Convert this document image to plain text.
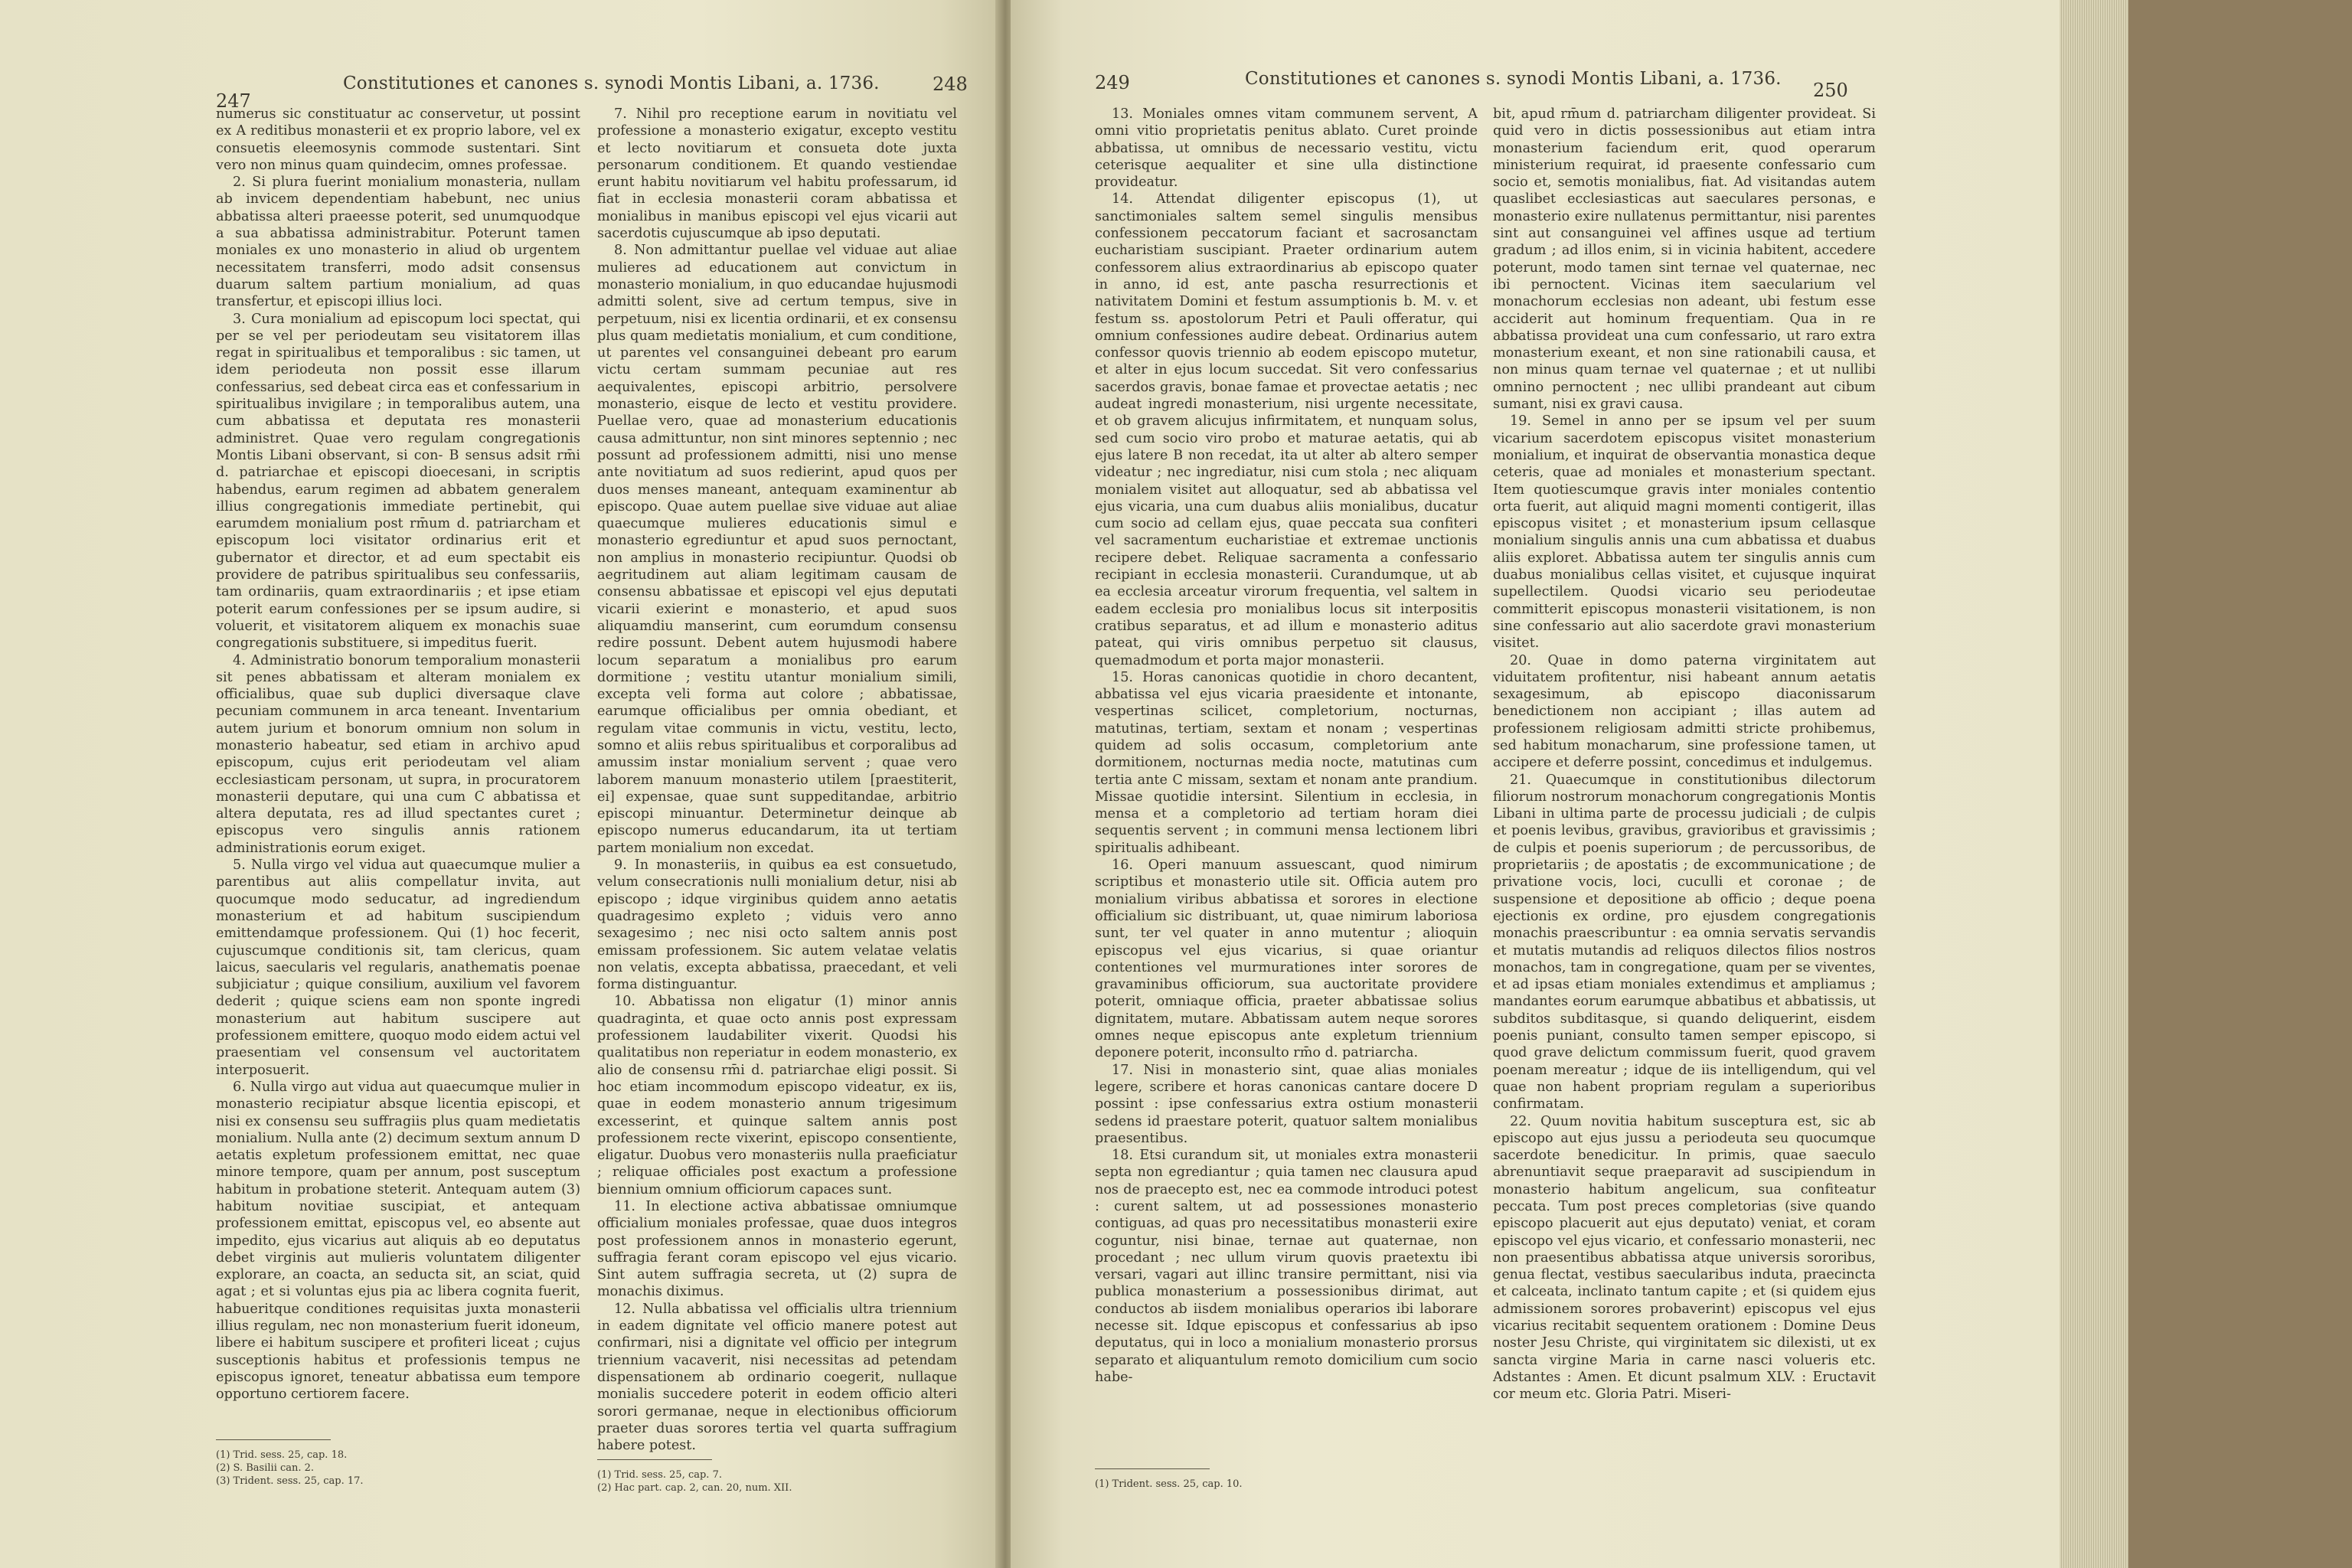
247
Constitutiones et canones s. synodi Montis Libani, a. 1736.	248

numerus sic constituatur ac conservetur, ut possint ex A reditibus monasterii et ex proprio labore, vel ex consuetis eleemosynis commode sustentari. Sint vero non minus quam quindecim, omnes professae.

2. Si plura fuerint monialium monasteria, nullam ab invicem dependentiam habebunt, nec unius abbatissa alteri praeesse poterit, sed unumquodque a sua abbatissa administrabitur. Poterunt tamen moniales ex uno monasterio in aliud ob urgentem necessitatem transferri, modo adsit consensus duarum saltem partium monialium, ad quas transfertur, et episcopi illius loci.

3. Cura monialium ad episcopum loci spectat, qui per se vel per periodeutam seu visitatorem illas regat in spiritualibus et temporalibus : sic tamen, ut idem periodeuta non possit esse illarum confessarius, sed debeat circa eas et confessarium in spiritualibus invigilare ; in temporalibus autem, una cum abbatissa et deputata res monasterii administret. Quae vero regulam congregationis Montis Libani observant, si con- B sensus adsit rm̄i d. patriarchae et episcopi dioecesani, in scriptis habendus, earum regimen ad abbatem generalem illius congregationis immediate pertinebit, qui earumdem monialium post rm̄um d. patriarcham et episcopum loci visitator ordinarius erit et gubernator et director, et ad eum spectabit eis providere de patribus spiritualibus seu confessariis, tam ordinariis, quam extraordinariis ; et ipse etiam poterit earum confessiones per se ipsum audire, si voluerit, et visitatorem aliquem ex monachis suae congregationis substituere, si impeditus fuerit.

4. Administratio bonorum temporalium monasterii sit penes abbatissam et alteram monialem ex officialibus, quae sub duplici diversaque clave pecuniam communem in arca teneant. Inventarium autem jurium et bonorum omnium non solum in monasterio habeatur, sed etiam in archivo apud episcopum, cujus erit periodeutam vel aliam ecclesiasticam personam, ut supra, in procuratorem monasterii deputare, qui una cum C abbatissa et altera deputata, res ad illud spectantes curet ; episcopus vero singulis annis rationem administrationis eorum exiget.

5. Nulla virgo vel vidua aut quaecumque mulier a parentibus aut aliis compellatur invita, aut quocumque modo seducatur, ad ingrediendum monasterium et ad habitum suscipiendum emittendamque professionem. Qui (1) hoc fecerit, cujuscumque conditionis sit, tam clericus, quam laicus, saecularis vel regularis, anathematis poenae subjiciatur ; quique consilium, auxilium vel favorem dederit ; quique sciens eam non sponte ingredi monasterium aut habitum suscipere aut professionem emittere, quoquo modo eidem actui vel praesentiam vel consensum vel auctoritatem interposuerit.

6. Nulla virgo aut vidua aut quaecumque mulier in monasterio recipiatur absque licentia episcopi, et nisi ex consensu seu suffragiis plus quam medietatis monialium. Nulla ante (2) decimum sextum annum D aetatis expletum professionem emittat, nec quae minore tempore, quam per annum, post susceptum habitum in probatione steterit. Antequam autem (3) habitum novitiae suscipiat, et antequam professionem emittat, episcopus vel, eo absente aut impedito, ejus vicarius aut aliquis ab eo deputatus debet virginis aut mulieris voluntatem diligenter explorare, an coacta, an seducta sit, an sciat, quid agat ; et si voluntas ejus pia ac libera cognita fuerit, habueritque conditiones requisitas juxta monasterii illius regulam, nec non monasterium fuerit idoneum, libere ei habitum suscipere et profiteri liceat ; cujus susceptionis habitus et professionis tempus ne episcopus ignoret, teneatur abbatissa eum tempore opportuno certiorem facere.

7. Nihil pro receptione earum in novitiatu vel professione a monasterio exigatur, excepto vestitu et lecto novitiarum et consueta dote juxta personarum conditionem. Et quando vestiendae erunt habitu novitiarum vel habitu professarum, id fiat in ecclesia monasterii coram abbatissa et monialibus in manibus episcopi vel ejus vicarii aut sacerdotis cujuscumque ab ipso deputati.

8. Non admittantur puellae vel viduae aut aliae mulieres ad educationem aut convictum in monasterio monialium, in quo educandae hujusmodi admitti solent, sive ad certum tempus, sive in perpetuum, nisi ex licentia ordinarii, et ex consensu plus quam medietatis monialium, et cum conditione, ut parentes vel consanguinei debeant pro earum victu certam summam pecuniae aut res aequivalentes, episcopi arbitrio, persolvere monasterio, eisque de lecto et vestitu providere. Puellae vero, quae ad monasterium educationis causa admittuntur, non sint minores septennio ; nec possunt ad professionem admitti, nisi uno mense ante novitiatum ad suos redierint, apud quos per duos menses maneant, antequam examinentur ab episcopo. Quae autem puellae sive viduae aut aliae quaecumque mulieres educationis simul e monasterio egrediuntur et apud suos pernoctant, non amplius in monasterio recipiuntur. Quodsi ob aegritudinem aut aliam legitimam causam de consensu abbatissae et episcopi vel ejus deputati vicarii exierint e monasterio, et apud suos aliquamdiu manserint, cum eorumdum consensu redire possunt. Debent autem hujusmodi habere locum separatum a monialibus pro earum dormitione ; vestitu utantur monialium simili, excepta veli forma aut colore ; abbatissae, earumque officialibus per omnia obediant, et regulam vitae communis in victu, vestitu, lecto, somno et aliis rebus spiritualibus et corporalibus ad amussim instar monialium servent ; quae vero laborem manuum monasterio utilem [praestiterit, ei] expensae, quae sunt suppeditandae, arbitrio episcopi minuantur. Determinetur deinque ab episcopo numerus educandarum, ita ut tertiam partem monialium non excedat.

9. In monasteriis, in quibus ea est consuetudo, velum consecrationis nulli monialium detur, nisi ab episcopo ; idque virginibus quidem anno aetatis quadragesimo expleto ; viduis vero anno sexagesimo ; nec nisi octo saltem annis post emissam professionem. Sic autem velatae velatis non velatis, excepta abbatissa, praecedant, et veli forma distinguantur.

10. Abbatissa non eligatur (1) minor annis quadraginta, et quae octo annis post expressam professionem laudabiliter vixerit. Quodsi his qualitatibus non reperiatur in eodem monasterio, ex alio de consensu rm̄i d. patriarchae eligi possit. Si hoc etiam incommodum episcopo videatur, ex iis, quae in eodem monasterio annum trigesimum excesserint, et quinque saltem annis post professionem recte vixerint, episcopo consentiente, eligatur. Duobus vero monasteriis nulla praeficiatur ; reliquae officiales post exactum a professione biennium omnium officiorum capaces sunt.

11. In electione activa abbatissae omniumque officialium moniales professae, quae duos integros post professionem annos in monasterio egerunt, suffragia ferant coram episcopo vel ejus vicario. Sint autem suffragia secreta, ut (2) supra de monachis diximus.

12. Nulla abbatissa vel officialis ultra triennium in eadem dignitate vel officio manere potest aut confirmari, nisi a dignitate vel officio per integrum triennium vacaverit, nisi necessitas ad petendam dispensationem ab ordinario coegerit, nullaque monialis succedere poterit in eodem officio alteri sorori germanae, neque in electionibus officiorum praeter duas sorores tertia vel quarta suffragium habere potest.

(1) Trid. sess. 25, cap. 18.
(2) S. Basilii can. 2.
(3) Trident. sess. 25, cap. 17.
(1) Trid. sess. 25, cap. 7.
(2) Hac part. cap. 2, can. 20, num. XII.
249	Constitutiones et canones s. synodi Montis Libani, a. 1736.
250

13. Moniales omnes vitam communem servent, A omni vitio proprietatis penitus ablato. Curet proinde abbatissa, ut omnibus de necessario vestitu, victu ceterisque aequaliter et sine ulla distinctione provideatur.

14. Attendat diligenter episcopus (1), ut sanctimoniales saltem semel singulis mensibus confessionem peccatorum faciant et sacrosanctam eucharistiam suscipiant. Praeter ordinarium autem confessorem alius extraordinarius ab episcopo quater in anno, id est, ante pascha resurrectionis et nativitatem Domini et festum assumptionis b. M. v. et festum ss. apostolorum Petri et Pauli offeratur, qui omnium confessiones audire debeat. Ordinarius autem confessor quovis triennio ab eodem episcopo mutetur, et alter in ejus locum succedat. Sit vero confessarius sacerdos gravis, bonae famae et provectae aetatis ; nec audeat ingredi monasterium, nisi urgente necessitate, et ob gravem alicujus infirmitatem, et nunquam solus, sed cum socio viro probo et maturae aetatis, qui ab ejus latere B non recedat, ita ut alter ab altero semper videatur ; nec ingrediatur, nisi cum stola ; nec aliquam monialem visitet aut alloquatur, sed ab abbatissa vel ejus vicaria, una cum duabus aliis monialibus, ducatur cum socio ad cellam ejus, quae peccata sua confiteri vel sacramentum eucharistiae et extremae unctionis recipere debet. Reliquae sacramenta a confessario recipiant in ecclesia monasterii. Curandumque, ut ab ea ecclesia arceatur virorum frequentia, vel saltem in eadem ecclesia pro monialibus locus sit interpositis cratibus separatus, et ad illum e monasterio aditus pateat, qui viris omnibus perpetuo sit clausus, quemadmodum et porta major monasterii.

15. Horas canonicas quotidie in choro decantent, abbatissa vel ejus vicaria praesidente et intonante, vespertinas scilicet, completorium, nocturnas, matutinas, tertiam, sextam et nonam ; vespertinas quidem ad solis occasum, completorium ante dormitionem, nocturnas media nocte, matutinas cum tertia ante C missam, sextam et nonam ante prandium. Missae quotidie intersint. Silentium in ecclesia, in mensa et a completorio ad tertiam horam diei sequentis servent ; in communi mensa lectionem libri spiritualis adhibeant.

16. Operi manuum assuescant, quod nimirum scriptibus et monasterio utile sit. Officia autem pro monialium viribus abbatissa et sorores in electione officialium sic distribuant, ut, quae nimirum laboriosa sunt, ter vel quater in anno mutentur ; alioquin episcopus vel ejus vicarius, si quae oriantur contentiones vel murmurationes inter sorores de gravaminibus officiorum, sua auctoritate providere poterit, omniaque officia, praeter abbatissae solius dignitatem, mutare. Abbatissam autem neque sorores omnes neque episcopus ante expletum triennium deponere poterit, inconsulto rm̄o d. patriarcha.

17. Nisi in monasterio sint, quae alias moniales legere, scribere et horas canonicas cantare docere D possint : ipse confessarius extra ostium monasterii sedens id praestare poterit, quatuor saltem monialibus praesentibus.

18. Etsi curandum sit, ut moniales extra monasterii septa non egrediantur ; quia tamen nec clausura apud nos de praecepto est, nec ea commode introduci potest : curent saltem, ut ad possessiones monasterio contiguas, ad quas pro necessitatibus monasterii exire coguntur, nisi binae, ternae aut quaternae, non procedant ; nec ullum virum quovis praetextu ibi versari, vagari aut illinc transire permittant, nisi via publica monasterium a possessionibus dirimat, aut conductos ab iisdem monialibus operarios ibi laborare necesse sit. Idque episcopus et confessarius ab ipso deputatus, qui in loco a monialium monasterio prorsus separato et aliquantulum remoto domicilium cum socio habe-

bit, apud rm̄um d. patriarcham diligenter provideat. Si quid vero in dictis possessionibus aut etiam intra monasterium faciendum erit, quod operarum ministerium requirat, id praesente confessario cum socio et, semotis monialibus, fiat. Ad visitandas autem quaslibet ecclesiasticas aut saeculares personas, e monasterio exire nullatenus permittantur, nisi parentes sint aut consanguinei vel affines usque ad tertium gradum ; ad illos enim, si in vicinia habitent, accedere poterunt, modo tamen sint ternae vel quaternae, nec ibi pernoctent. Vicinas item saecularium vel monachorum ecclesias non adeant, ubi festum esse acciderit aut hominum frequentiam. Qua in re abbatissa provideat una cum confessario, ut raro extra monasterium exeant, et non sine rationabili causa, et non minus quam ternae vel quaternae ; et ut nullibi omnino pernoctent ; nec ullibi prandeant aut cibum sumant, nisi ex gravi causa.

19. Semel in anno per se ipsum vel per suum vicarium sacerdotem episcopus visitet monasterium monialium, et inquirat de observantia monastica deque ceteris, quae ad moniales et monasterium spectant. Item quotiescumque gravis inter moniales contentio orta fuerit, aut aliquid magni momenti contigerit, illas episcopus visitet ; et monasterium ipsum cellasque monialium singulis annis una cum abbatissa et duabus aliis exploret. Abbatissa autem ter singulis annis cum duabus monialibus cellas visitet, et cujusque inquirat supellectilem. Quodsi vicario seu periodeutae committerit episcopus monasterii visitationem, is non sine confessario aut alio sacerdote gravi monasterium visitet.

20. Quae in domo paterna virginitatem aut viduitatem profitentur, nisi habeant annum aetatis sexagesimum, ab episcopo diaconissarum benedictionem non accipiant ; illas autem ad professionem religiosam admitti stricte prohibemus, sed habitum monacharum, sine professione tamen, ut accipere et deferre possint, concedimus et indulgemus.

21. Quaecumque in constitutionibus dilectorum filiorum nostrorum monachorum congregationis Montis Libani in ultima parte de processu judiciali ; de culpis et poenis levibus, gravibus, gravioribus et gravissimis ; de culpis et poenis superiorum ; de percussoribus, de proprietariis ; de apostatis ; de excommunicatione ; de privatione vocis, loci, cuculli et coronae ; de suspensione et depositione ab officio ; deque poena ejectionis ex ordine, pro ejusdem congregationis monachis praescribuntur : ea omnia servatis servandis et mutatis mutandis ad reliquos dilectos filios nostros monachos, tam in congregatione, quam per se viventes, et ad ipsas etiam moniales extendimus et ampliamus ; mandantes eorum earumque abbatibus et abbatissis, ut subditos subditasque, si quando deliquerint, eisdem poenis puniant, consulto tamen semper episcopo, si quod grave delictum commissum fuerit, quod gravem poenam mereatur ; idque de iis intelligendum, qui vel quae non habent propriam regulam a superioribus confirmatam.

22. Quum novitia habitum susceptura est, sic ab episcopo aut ejus jussu a periodeuta seu quocumque sacerdote benedicitur. In primis, quae saeculo abrenuntiavit seque praeparavit ad suscipiendum in monasterio habitum angelicum, sua confiteatur peccata. Tum post preces completorias (sive quando episcopo placuerit aut ejus deputato) veniat, et coram episcopo vel ejus vicario, et confessario monasterii, nec non praesentibus abbatissa atque universis sororibus, genua flectat, vestibus saecularibus induta, praecincta et calceata, inclinato tantum capite ; et (si quidem ejus admissionem sorores probaverint) episcopus vel ejus vicarius recitabit sequentem orationem : Domine Deus noster Jesu Christe, qui virginitatem sic dilexisti, ut ex sancta virgine Maria in carne nasci volueris etc. Adstantes : Amen. Et dicunt psalmum XLV. : Eructavit cor meum etc. Gloria Patri. Miseri-

(1) Trident. sess. 25, cap. 10.
